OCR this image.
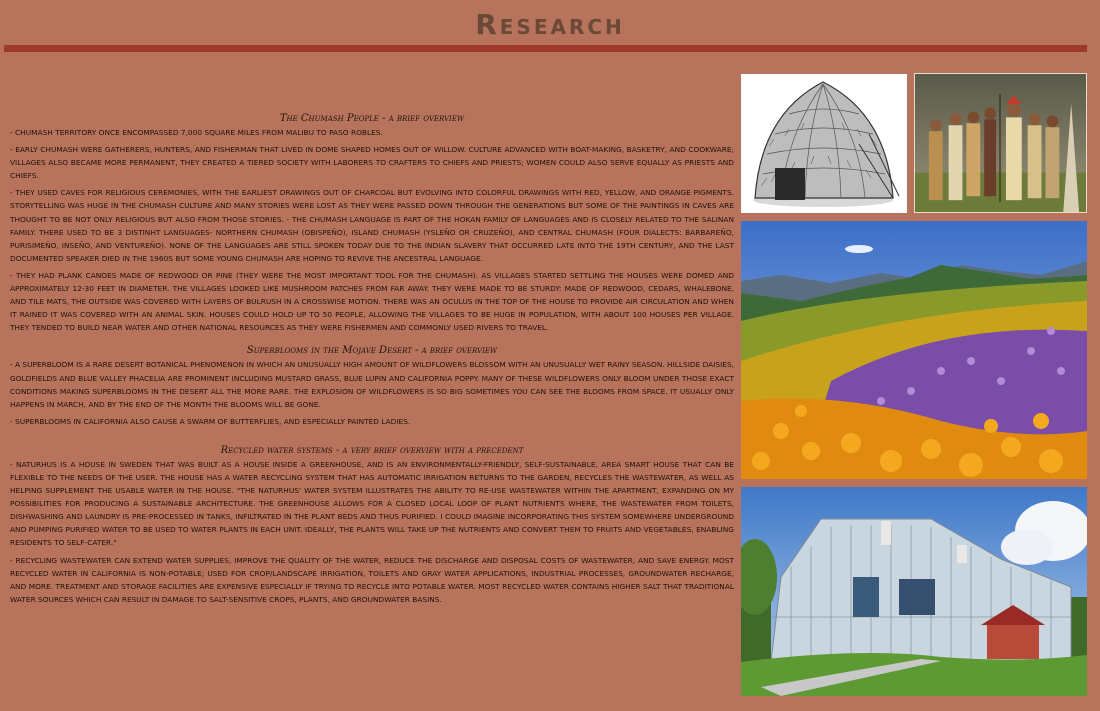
Research
The Chumash People - a brief overview

- CHUMASH TERRITORY ONCE ENCOMPASSED 7,000 SQUARE MILES FROM MALIBU TO PASO ROBLES.

- EARLY CHUMASH WERE GATHERERS, HUNTERS, AND FISHERMAN THAT LIVED IN DOME SHAPED HOMES OUT OF WILLOW. CULTURE ADVANCED WITH BOAT-MAKING, BASKETRY, AND COOKWARE; VILLAGES ALSO BECAME MORE PERMANENT, THEY CREATED A TIERED SOCIETY WITH LABORERS TO CRAFTERS TO CHIEFS AND PRIESTS; WOMEN COULD ALSO SERVE EQUALLY AS PRIESTS AND CHIEFS.

- THEY USED CAVES FOR RELIGIOUS CEREMONIES, WITH THE EARLIEST DRAWINGS OUT OF CHARCOAL BUT EVOLVING INTO COLORFUL DRAWINGS WITH RED, YELLOW, AND ORANGE PIGMENTS. STORYTELLING WAS HUGE IN THE CHUMASH CULTURE AND MANY STORIES WERE LOST AS THEY WERE PASSED DOWN THROUGH THE GENERATIONS BUT SOME OF THE PAINTINGS IN CAVES ARE THOUGHT TO BE NOT ONLY RELIGIOUS BUT ALSO FROM THOSE STORIES. - THE CHUMASH LANGUAGE IS PART OF THE HOKAN FAMILY OF LANGUAGES AND IS CLOSELY RELATED TO THE SALINAN FAMILY. THERE USED TO BE 3 DISTINHT LANGUAGES- NORTHERN CHUMASH (OBISPEÑO), ISLAND CHUMASH (YSLEÑO OR CRUZEÑO), AND CENTRAL CHUMASH (FOUR DIALECTS: BARBAREÑO, PURISIMEÑO, INSEÑO, AND VENTUREÑO). NONE OF THE LANGUAGES ARE STILL SPOKEN TODAY DUE TO THE INDIAN SLAVERY THAT OCCURRED LATE INTO THE 19TH CENTURY, AND THE LAST DOCUMENTED SPEAKER DIED IN THE 1960S BUT SOME YOUNG CHUMASH ARE HOPING TO REVIVE THE ANCESTRAL LANGUAGE.

- THEY HAD PLANK CANOES MADE OF REDWOOD OR PINE (THEY WERE THE MOST IMPORTANT TOOL FOR THE CHUMASH). AS VILLAGES STARTED SETTLING THE HOUSES WERE DOMED AND APPROXIMATELY 12-30 FEET IN DIAMETER. THE VILLAGES LOOKED LIKE MUSHROOM PATCHES FROM FAR AWAY. THEY WERE MADE TO BE STURDY: MADE OF REDWOOD, CEDARS, WHALEBONE, AND TILE MATS, THE OUTSIDE WAS COVERED WITH LAYERS OF BULRUSH IN A CROSSWISE MOTION. THERE WAS AN OCULUS IN THE TOP OF THE HOUSE TO PROVIDE AIR CIRCULATION AND WHEN IT RAINED IT WAS COVERED WITH AN ANIMAL SKIN. HOUSES COULD HOLD UP TO 50 PEOPLE, ALLOWING THE VILLAGES TO BE HUGE IN POPULATION, WITH ABOUT 100 HOUSES PER VILLAGE. THEY TENDED TO BUILD NEAR WATER AND OTHER NATIONAL RESOURCES AS THEY WERE FISHERMEN AND COMMONLY USED RIVERS TO TRAVEL.

Superblooms in the Mojave Desert - a brief overview

- A SUPERBLOOM IS A RARE DESERT BOTANICAL PHENOMENON IN WHICH AN UNUSUALLY HIGH AMOUNT OF WILDFLOWERS BLOSSOM WITH AN UNUSUALLY WET RAINY SEASON. HILLSIDE DAISIES, GOLDFIELDS AND BLUE VALLEY PHACELIA ARE PROMINENT INCLUDING MUSTARD GRASS, BLUE LUPIN AND CALIFORNIA POPPY. MANY OF THESE WILDFLOWERS ONLY BLOOM UNDER THOSE EXACT CONDITIONS MAKING SUPERBLOOMS IN THE DESERT ALL THE MORE RARE. THE EXPLOSION OF WILDFLOWERS IS SO BIG SOMETIMES YOU CAN SEE THE BLOOMS FROM SPACE. IT USUALLY ONLY HAPPENS IN MARCH, AND BY THE END OF THE MONTH THE BLOOMS WILL BE GONE.

- SUPERBLOOMS IN CALIFORNIA ALSO CAUSE A SWARM OF BUTTERFLIES, AND ESPECIALLY PAINTED LADIES.

Recycled water systems - a very brief overview with a precedent

- NATURHUS IS A HOUSE IN SWEDEN THAT WAS BUILT AS A HOUSE INSIDE A GREENHOUSE, AND IS AN ENVIRONMENTALLY-FRIENDLY, SELF-SUSTAINABLE, AREA SMART HOUSE THAT CAN BE FLEXIBLE TO THE NEEDS OF THE USER. THE HOUSE HAS A WATER RECYCLING SYSTEM THAT HAS AUTOMATIC IRRIGATION RETURNS TO THE GARDEN, RECYCLES THE WASTEWATER, AS WELL AS HELPING SUPPLEMENT THE USABLE WATER IN THE HOUSE. "THE NATURHUS' WATER SYSTEM ILLUSTRATES THE ABILITY TO RE-USE WASTEWATER WITHIN THE APARTMENT, EXPANDING ON MY POSSIBILITIES FOR PRODUCING A SUSTAINABLE ARCHITECTURE. THE GREENHOUSE ALLOWS FOR A CLOSED LOCAL LOOP OF PLANT NUTRIENTS WHERE, THE WASTEWATER FROM TOILETS, DISHWASHING AND LAUNDRY IS PRE-PROCESSED IN TANKS, INFILTRATED IN THE PLANT BEDS AND THUS PURIFIED. I COULD IMAGINE INCORPORATING THIS SYSTEM SOMEWHERE UNDERGROUND AND PUMPING PURIFIED WATER TO BE USED TO WATER PLANTS IN EACH UNIT. IDEALLY, THE PLANTS WILL TAKE UP THE NUTRIENTS AND CONVERT THEM TO FRUITS AND VEGETABLES, ENABLING RESIDENTS TO SELF-CATER."

- RECYCLING WASTEWATER CAN EXTEND WATER SUPPLIES, IMPROVE THE QUALITY OF THE WATER, REDUCE THE DISCHARGE AND DISPOSAL COSTS OF WASTEWATER, AND SAVE ENERGY. MOST RECYCLED WATER IN CALIFORNIA IS NON-POTABLE; USED FOR CROP/LANDSCAPE IRRIGATION, TOILETS AND GRAY WATER APPLICATIONS, INDUSTRIAL PROCESSES, GROUNDWATER RECHARGE, AND MORE. TREATMENT AND STORAGE FACILITIES ARE EXPENSIVE ESPECIALLY IF TRYING TO RECYCLE INTO POTABLE WATER. MOST RECYCLED WATER CONTAINS HIGHER SALT THAT TRADITIONAL WATER SOURCES WHICH CAN RESULT IN DAMAGE TO SALT-SENSITIVE CROPS, PLANTS, AND GROUNDWATER BASINS.
